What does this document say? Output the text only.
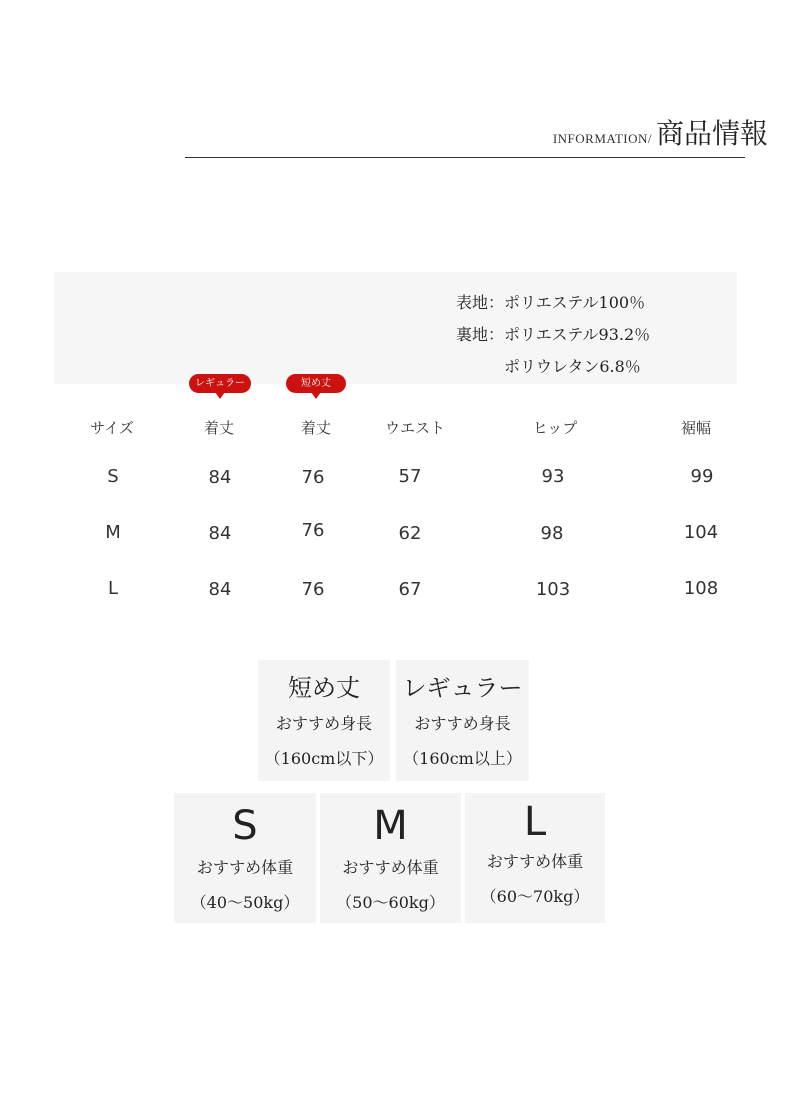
INFORMATION/ 商品情報
表地：ポリエステル100％
裏地：ポリエステル93.2％
　　　ポリウレタン6.8％
レギュラー	短め丈
サイズ	着丈	着丈	ウエスト	ヒップ	裾幅
S	84	76	57	93	99
M	84	76	62	98	104
L	84	76	67	103	108
短め丈
おすすめ身長
（160cm以下）
レギュラー
おすすめ身長
（160cm以上）
S
おすすめ体重
（40～50kg）
M
おすすめ体重
（50～60kg）
L
おすすめ体重
（60～70kg）
